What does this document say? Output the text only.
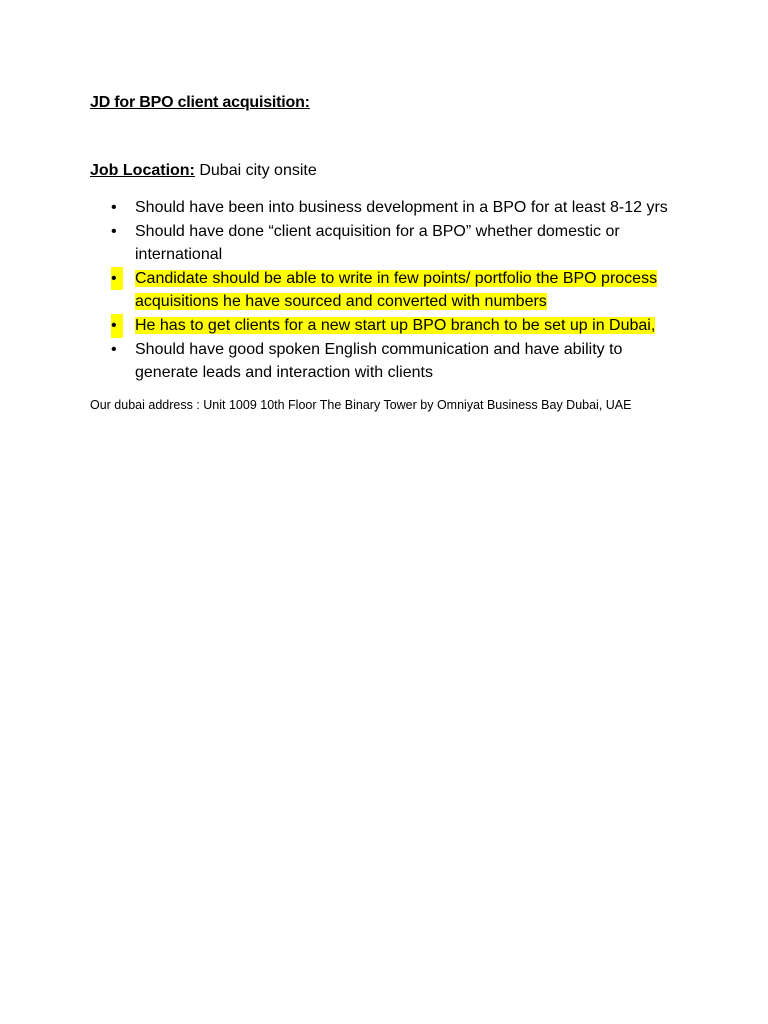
JD for BPO client acquisition:

Job Location: Dubai city onsite

•	Should have been into business development in a BPO for at least 8-12 yrs
•	Should have done “client acquisition for a BPO” whether domestic or international
•	Candidate should be able to write in few points/ portfolio the BPO process acquisitions he have sourced and converted with numbers
•	He has to get clients for a new start up BPO branch to be set up in Dubai,
•	Should have good spoken English communication and have ability to generate leads and interaction with clients

Our dubai address : Unit 1009 10th Floor The Binary Tower by Omniyat Business Bay Dubai, UAE
